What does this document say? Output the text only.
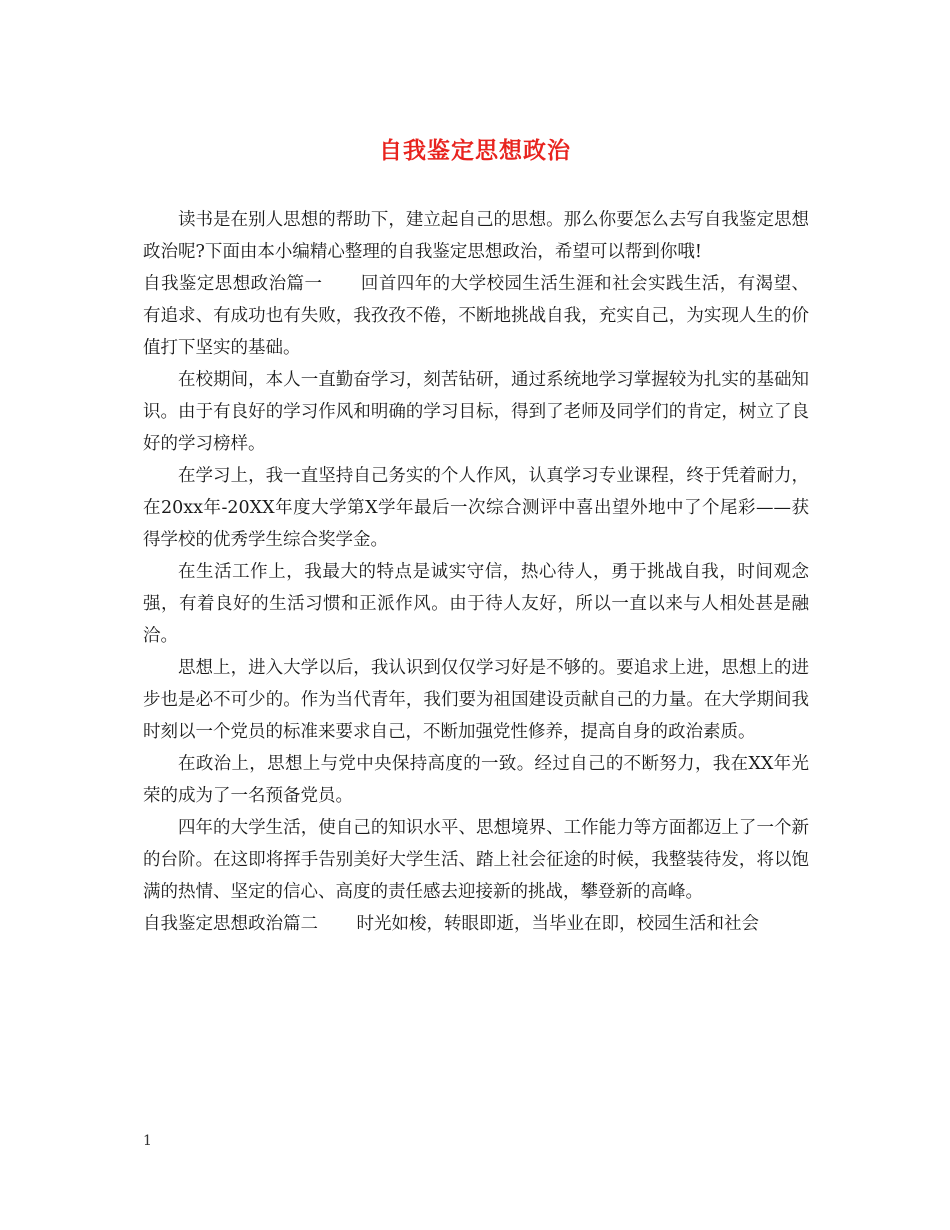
自我鉴定思想政治

读书是在别人思想的帮助下，建立起自己的思想。那么你要怎么去写自我鉴定思想政治呢?下面由本小编精心整理的自我鉴定思想政治，希望可以帮到你哦!

自我鉴定思想政治篇一 回首四年的大学校园生活生涯和社会实践生活，有渴望、有追求、有成功也有失败，我孜孜不倦，不断地挑战自我，充实自己，为实现人生的价值打下坚实的基础。

在校期间，本人一直勤奋学习，刻苦钻研，通过系统地学习掌握较为扎实的基础知识。由于有良好的学习作风和明确的学习目标，得到了老师及同学们的肯定，树立了良好的学习榜样。

在学习上，我一直坚持自己务实的个人作风，认真学习专业课程，终于凭着耐力，在20xx年-20XX年度大学第X学年最后一次综合测评中喜出望外地中了个尾彩——获得学校的优秀学生综合奖学金。

在生活工作上，我最大的特点是诚实守信，热心待人，勇于挑战自我，时间观念强，有着良好的生活习惯和正派作风。由于待人友好，所以一直以来与人相处甚是融洽。

思想上，进入大学以后，我认识到仅仅学习好是不够的。要追求上进，思想上的进步也是必不可少的。作为当代青年，我们要为祖国建设贡献自己的力量。在大学期间我时刻以一个党员的标准来要求自己，不断加强党性修养，提高自身的政治素质。

在政治上，思想上与党中央保持高度的一致。经过自己的不断努力，我在XX年光荣的成为了一名预备党员。

四年的大学生活，使自己的知识水平、思想境界、工作能力等方面都迈上了一个新的台阶。在这即将挥手告别美好大学生活、踏上社会征途的时候，我整装待发，将以饱满的热情、坚定的信心、高度的责任感去迎接新的挑战，攀登新的高峰。

自我鉴定思想政治篇二 时光如梭，转眼即逝，当毕业在即，校园生活和社会

1
